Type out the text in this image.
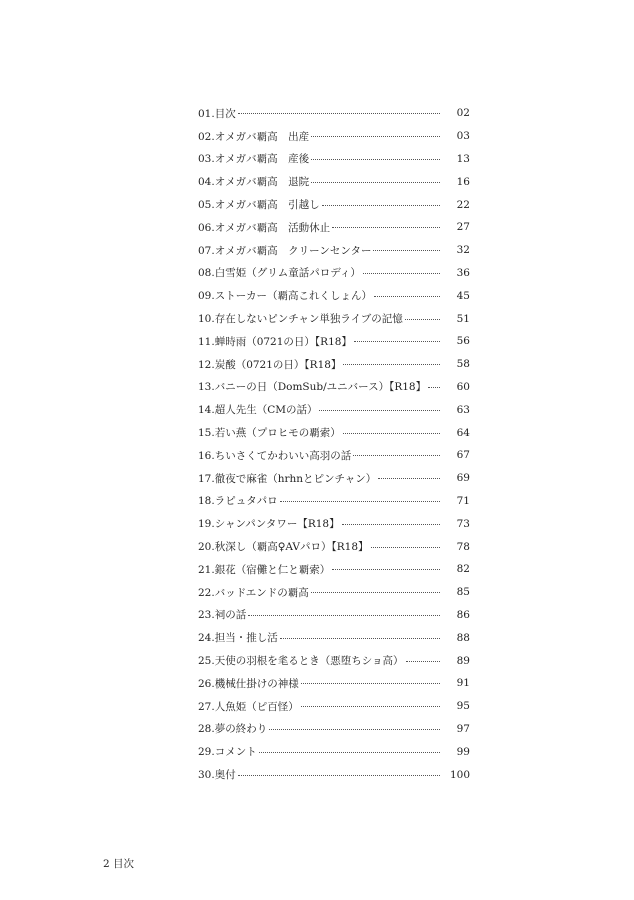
01.目次	02
02.オメガバ覇高　出産	03
03.オメガバ覇高　産後	13
04.オメガバ覇高　退院	16
05.オメガバ覇高　引越し	22
06.オメガバ覇高　活動休止	27
07.オメガバ覇高　クリーンセンター	32
08.白雪姫（グリム童話パロディ）	36
09.ストーカー（覇高これくしょん）	45
10.存在しないピンチャン単独ライブの記憶	51
11.蝉時雨（0721の日）【R18】	56
12.炭酸（0721の日）【R18】	58
13.バニーの日（DomSub/ユニバース）【R18】	60
14.超人先生（CMの話）	63
15.若い燕（プロヒモの覇索）	64
16.ちいさくてかわいい高羽の話	67
17.徹夜で麻雀（hrhnとピンチャン）	69
18.ラピュタパロ	71
19.シャンパンタワー【R18】	73
20.秋深し（覇高♀AVパロ）【R18】	78
21.銀花（宿儺と仁と覇索）	82
22.バッドエンドの覇高	85
23.祠の話	86
24.担当・推し活	88
25.天使の羽根を毟るとき（悪堕ちショ高）	89
26.機械仕掛けの神様	91
27.人魚姫（ピ百怪）	95
28.夢の終わり	97
29.コメント	99
30.奥付	100
2 目次
